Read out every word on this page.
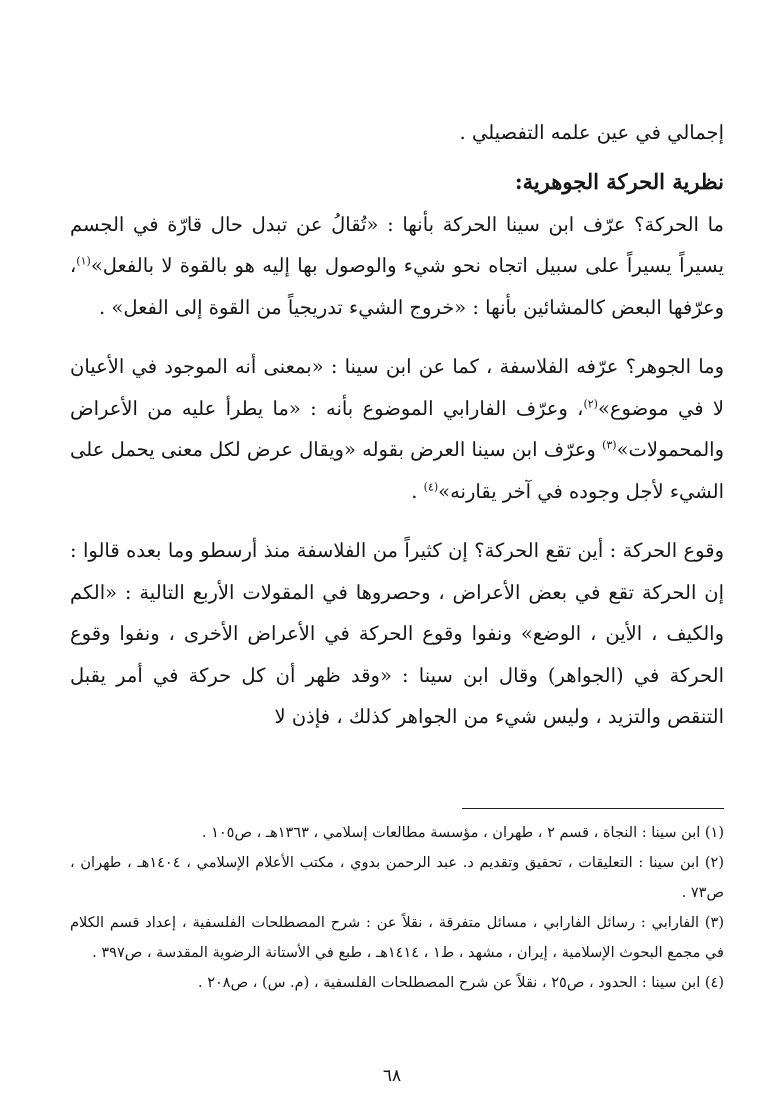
إجمالي في عين علمه التفصيلي .

نظرية الحركة الجوهرية:

ما الحركة؟ عرّف ابن سينا الحركة بأنها : «تُقالُ عن تبدل حال قارّة في الجسم يسيراً يسيراً على سبيل اتجاه نحو شيء والوصول بها إليه هو بالقوة لا بالفعل»$^{(١)}$، وعرّفها البعض كالمشائين بأنها : «خروج الشيء تدريجياً من القوة إلى الفعل» .

وما الجوهر؟ عرّفه الفلاسفة ، كما عن ابن سينا : «بمعنى أنه الموجود في الأعيان لا في موضوع»$^{(٢)}$، وعرّف الفارابي الموضوع بأنه : «ما يطرأ عليه من الأعراض والمحمولات»$^{(٣)}$ وعرّف ابن سينا العرض بقوله «ويقال عرض لكل معنى يحمل على الشيء لأجل وجوده في آخر يقارنه»$^{(٤)}$ .

وقوع الحركة : أين تقع الحركة؟ إن كثيراً من الفلاسفة منذ أرسطو وما بعده قالوا : إن الحركة تقع في بعض الأعراض ، وحصروها في المقولات الأربع التالية : «الكم والكيف ، الأين ، الوضع» ونفوا وقوع الحركة في الأعراض الأخرى ، ونفوا وقوع الحركة في (الجواهر) وقال ابن سينا : «وقد ظهر أن كل حركة في أمر يقبل التنقص والتزيد ، وليس شيء من الجواهر كذلك ، فإذن لا

(١) ابن سينا : النجاة ، قسم ٢ ، طهران ، مؤسسة مطالعات إسلامي ، ١٣٦٣هـ ، ص١٠٥ .

(٢) ابن سينا : التعليقات ، تحقيق وتقديم د. عبد الرحمن بدوي ، مكتب الأعلام الإسلامي ، ١٤٠٤هـ ، طهران ، ص٧٣ .

(٣) الفارابي : رسائل الفارابي ، مسائل متفرقة ، نقلاً عن : شرح المصطلحات الفلسفية ، إعداد قسم الكلام في مجمع البحوث الإسلامية ، إيران ، مشهد ، ط١ ، ١٤١٤هـ ، طبع في الأستانة الرضوية المقدسة ، ص٣٩٧ .

(٤) ابن سينا : الحدود ، ص٢٥ ، نقلاً عن شرح المصطلحات الفلسفية ، (م. س) ، ص٢٠٨ .

٦٨
